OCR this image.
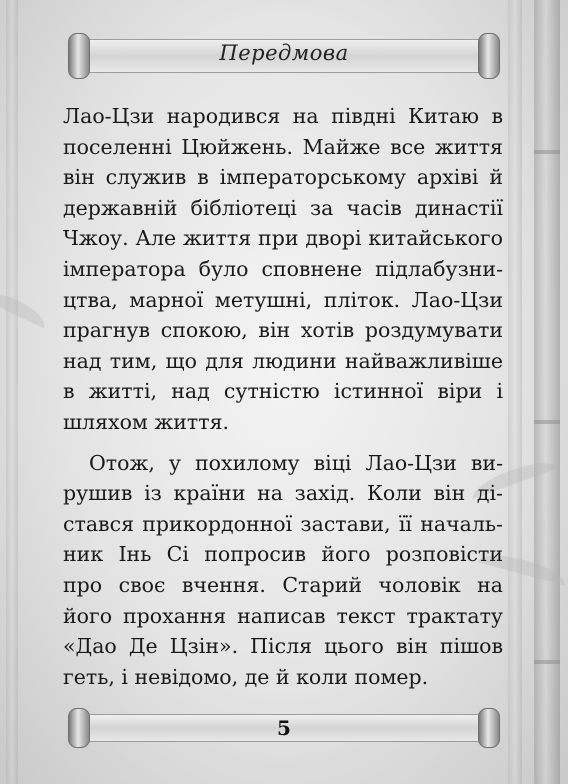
Передмова
Лао-Цзи народився на півдні Китаю в
поселенні Цюйжень. Майже все життя
він служив в імператорському архіві й
державній бібліотеці за часів династії
Чжоу. Але життя при дворі китайського
імператора було сповнене підлабузни-
цтва, марної метушні, пліток. Лао-Цзи
прагнув спокою, він хотів роздумувати
над тим, що для людини найважливіше
в житті, над сутністю істинної віри і
шляхом життя.
Отож, у похилому віці Лао-Цзи ви-
рушив із країни на захід. Коли він ді-
стався прикордонної застави, її началь-
ник Інь Сі попросив його розповісти
про своє вчення. Старий чоловік на
його прохання написав текст трактату
«Дао Де Цзін». Після цього він пішов
геть, і невідомо, де й коли помер.
5
